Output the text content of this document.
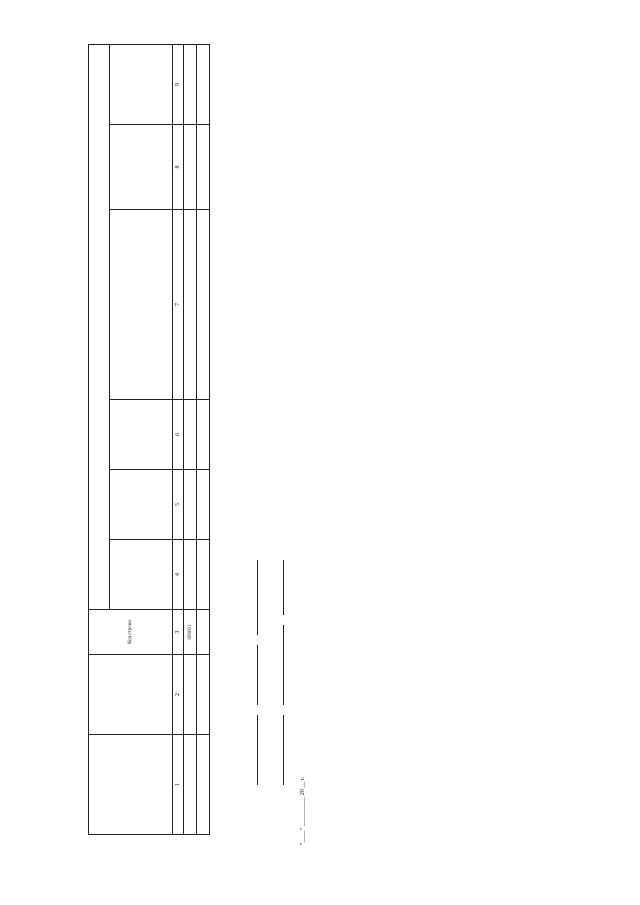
		Код строки						

1	2	3	4	5	6	7	8	9
		000001						

"____" __________ 20 __ г.
